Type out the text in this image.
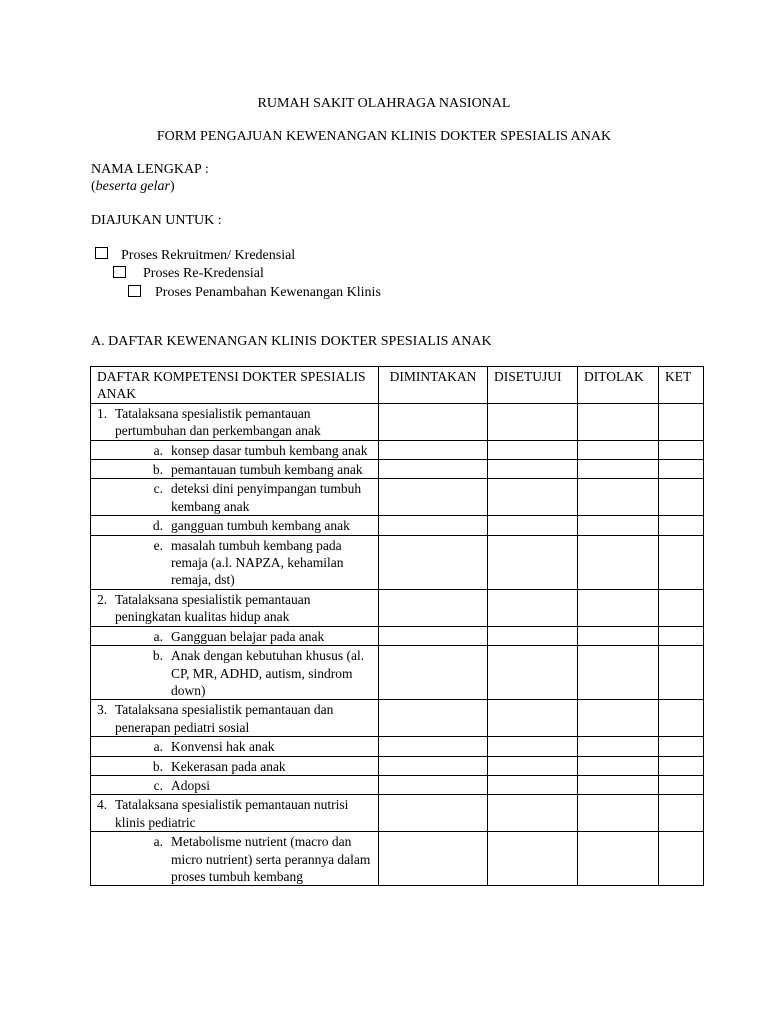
RUMAH SAKIT OLAHRAGA NASIONAL
FORM PENGAJUAN KEWENANGAN KLINIS DOKTER SPESIALIS ANAK
NAMA LENGKAP :
(beserta gelar)
DIAJUKAN UNTUK :
Proses Rekruitmen/ Kredensial
Proses Re-Kredensial
Proses Penambahan Kewenangan Klinis
A. DAFTAR KEWENANGAN KLINIS DOKTER SPESIALIS ANAK
DAFTAR KOMPETENSI DOKTER SPESIALIS ANAK	DIMINTAKAN	DISETUJUI	DITOLAK	KET

1. Tatalaksana spesialistik pemantauan pertumbuhan dan perkembangan anak				

a. konsep dasar tumbuh kembang anak				

b. pemantauan tumbuh kembang anak				

c. deteksi dini penyimpangan tumbuh kembang anak				

d. gangguan tumbuh kembang anak				

e. masalah tumbuh kembang pada remaja (a.l. NAPZA, kehamilan remaja, dst)				

2. Tatalaksana spesialistik pemantauan peningkatan kualitas hidup anak				

a. Gangguan belajar pada anak				

b. Anak dengan kebutuhan khusus (al. CP, MR, ADHD, autism, sindrom down)				

3. Tatalaksana spesialistik pemantauan dan penerapan pediatri sosial				

a. Konvensi hak anak				

b. Kekerasan pada anak				

c. Adopsi				

4. Tatalaksana spesialistik pemantauan nutrisi klinis pediatric				

a. Metabolisme nutrient (macro dan micro nutrient) serta perannya dalam proses tumbuh kembang				
